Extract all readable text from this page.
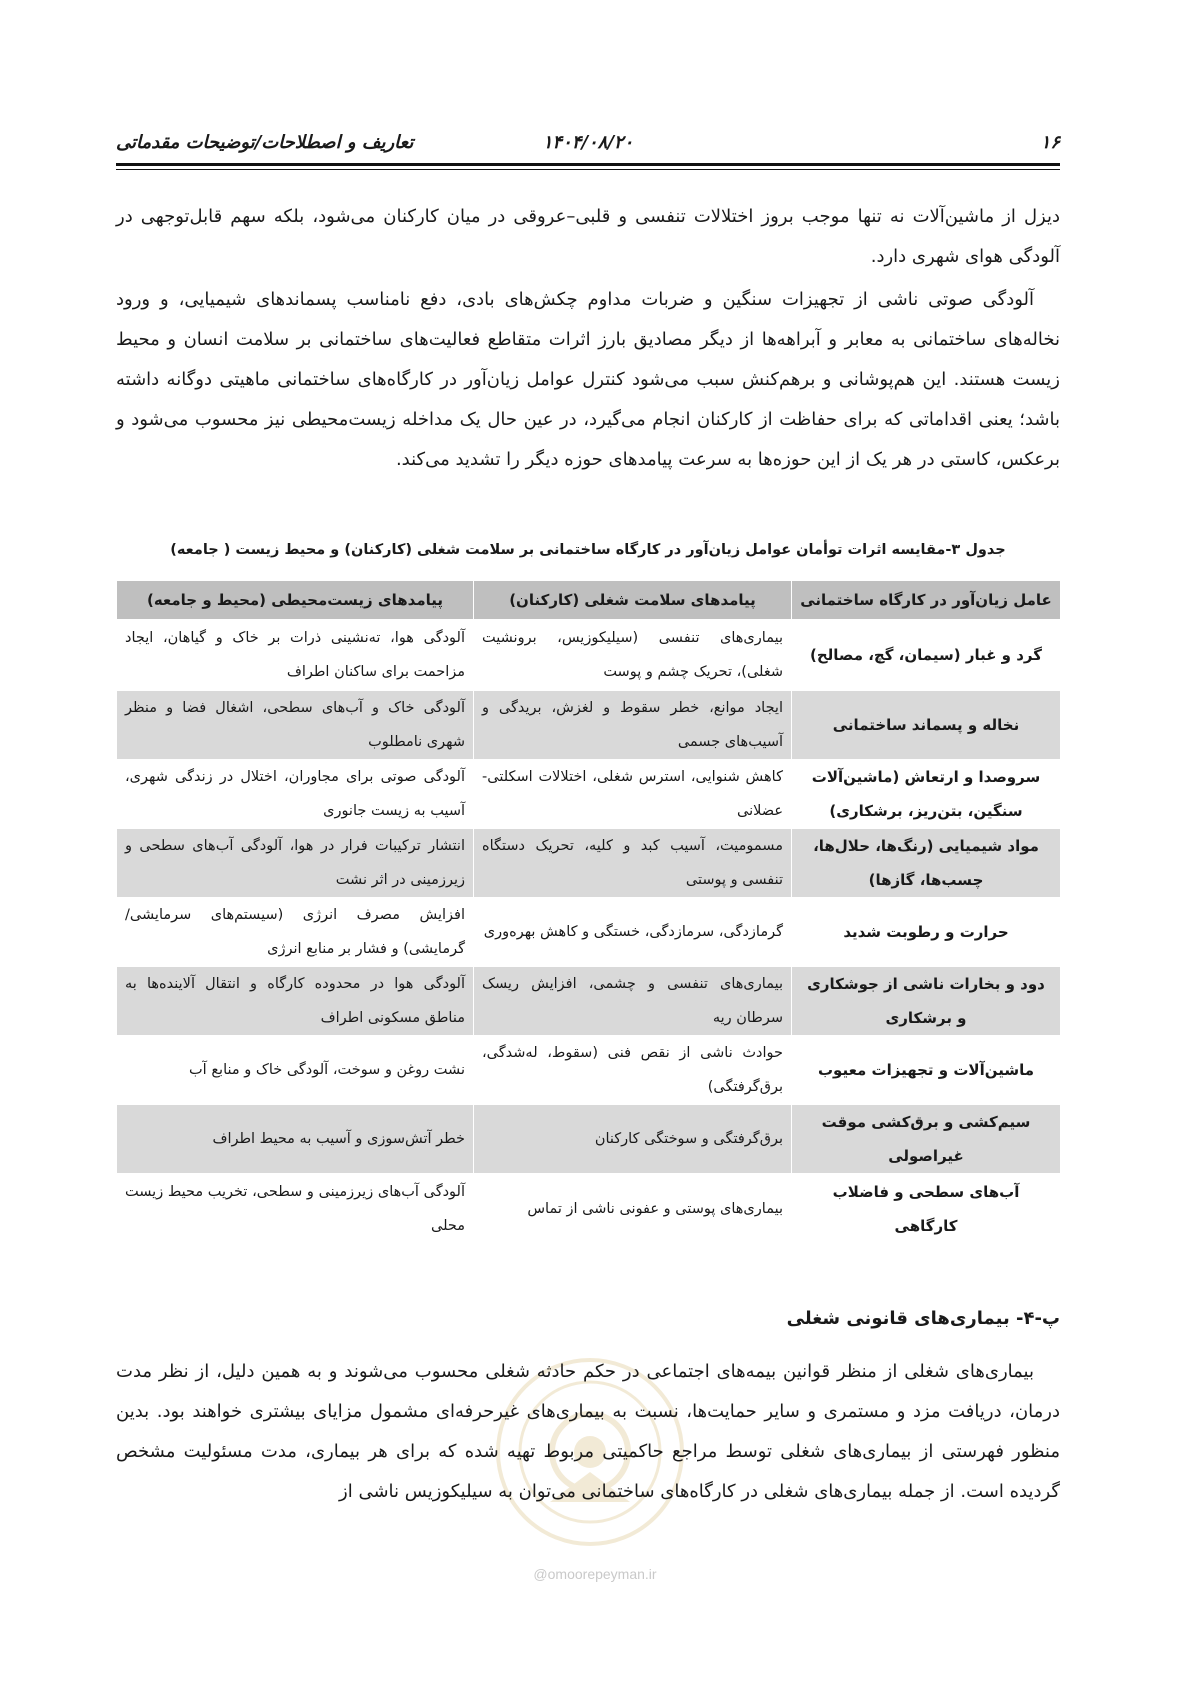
۱۶
۱۴۰۴/۰۸/۲۰
تعاریف و اصطلاحات/توضیحات مقدماتی

دیزل از ماشین‌آلات نه تنها موجب بروز اختلالات تنفسی و قلبی–عروقی در میان کارکنان می‌شود، بلکه سهم قابل‌توجهی در آلودگی هوای شهری دارد.

آلودگی صوتی ناشی از تجهیزات سنگین و ضربات مداوم چکش‌های بادی، دفع نامناسب پسماندهای شیمیایی، و ورود نخاله‌های ساختمانی به معابر و آبراهه‌ها از دیگر مصادیق بارز اثرات متقاطع فعالیت‌های ساختمانی بر سلامت انسان و محیط زیست هستند. این هم‌پوشانی و برهم‌کنش سبب می‌شود کنترل عوامل زیان‌آور در کارگاه‌های ساختمانی ماهیتی دوگانه داشته باشد؛ یعنی اقداماتی که برای حفاظت از کارکنان انجام می‌گیرد، در عین حال یک مداخله زیست‌محیطی نیز محسوب می‌شود و برعکس، کاستی در هر یک از این حوزه‌ها به سرعت پیامدهای حوزه دیگر را تشدید می‌کند.

جدول ۳-مقایسه اثرات توأمان عوامل زیان‌آور در کارگاه ساختمانی بر سلامت شغلی (کارکنان) و محیط زیست ( جامعه)
عامل زیان‌آور در کارگاه ساختمانی	پیامدهای سلامت شغلی (کارکنان)	پیامدهای زیست‌محیطی (محیط و جامعه)
گرد و غبار (سیمان، گچ، مصالح)	بیماری‌های تنفسی (سیلیکوزیس، برونشیت شغلی)، تحریک چشم و پوست	آلودگی هوا، ته‌نشینی ذرات بر خاک و گیاهان، ایجاد مزاحمت برای ساکنان اطراف
نخاله و پسماند ساختمانی	ایجاد موانع، خطر سقوط و لغزش، بریدگی و آسیب‌های جسمی	آلودگی خاک و آب‌های سطحی، اشغال فضا و منظر شهری نامطلوب
سروصدا و ارتعاش (ماشین‌آلات سنگین، بتن‌ریز، برشکاری)	کاهش شنوایی، استرس شغلی، اختلالات اسکلتی-عضلانی	آلودگی صوتی برای مجاوران، اختلال در زندگی شهری، آسیب به زیست جانوری
مواد شیمیایی (رنگ‌ها، حلال‌ها، چسب‌ها، گازها)	مسمومیت، آسیب کبد و کلیه، تحریک دستگاه تنفسی و پوستی	انتشار ترکیبات فرار در هوا، آلودگی آب‌های سطحی و زیرزمینی در اثر نشت
حرارت و رطوبت شدید	گرمازدگی، سرمازدگی، خستگی و کاهش بهره‌وری	افزایش مصرف انرژی (سیستم‌های سرمایشی/گرمایشی) و فشار بر منابع انرژی
دود و بخارات ناشی از جوشکاری و برشکاری	بیماری‌های تنفسی و چشمی، افزایش ریسک سرطان ریه	آلودگی هوا در محدوده کارگاه و انتقال آلاینده‌ها به مناطق مسکونی اطراف
ماشین‌آلات و تجهیزات معیوب	حوادث ناشی از نقص فنی (سقوط، له‌شدگی، برق‌گرفتگی)	نشت روغن و سوخت، آلودگی خاک و منابع آب
سیم‌کشی و برق‌کشی موقت غیراصولی	برق‌گرفتگی و سوختگی کارکنان	خطر آتش‌سوزی و آسیب به محیط اطراف
آب‌های سطحی و فاضلاب کارگاهی	بیماری‌های پوستی و عفونی ناشی از تماس	آلودگی آب‌های زیرزمینی و سطحی، تخریب محیط زیست محلی
پ-۴- بیماری‌های قانونی شغلی
@omoorepeyman.ir

بیماری‌های شغلی از منظر قوانین بیمه‌های اجتماعی در حکم حادثه شغلی محسوب می‌شوند و به همین دلیل، از نظر مدت درمان، دریافت مزد و مستمری و سایر حمایت‌ها، نسبت به بیماری‌های غیرحرفه‌ای مشمول مزایای بیشتری خواهند بود. بدین منظور فهرستی از بیماری‌های شغلی توسط مراجع حاکمیتی مربوط تهیه شده که برای هر بیماری، مدت مسئولیت مشخص گردیده است. از جمله بیماری‌های شغلی در کارگاه‌های ساختمانی می‌توان به سیلیکوزیس ناشی از
